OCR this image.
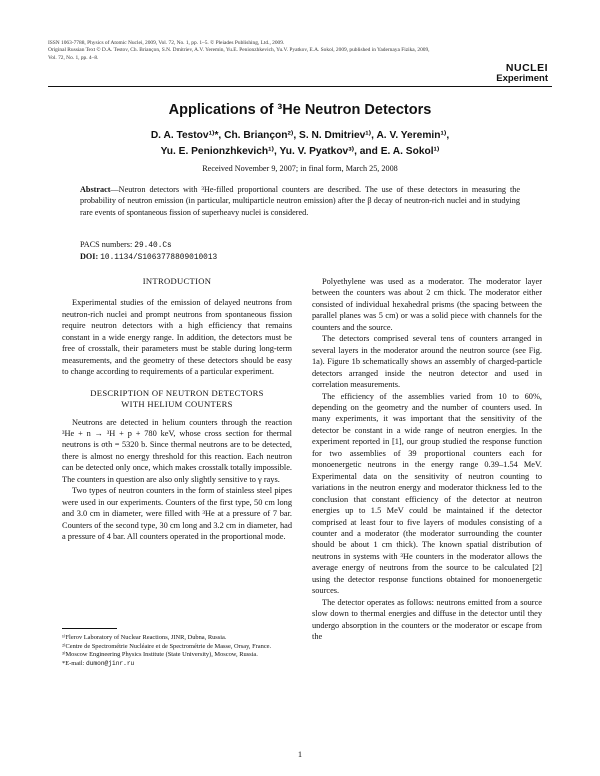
ISSN 1063-7788, Physics of Atomic Nuclei, 2009, Vol. 72, No. 1, pp. 1–5. © Pleiades Publishing, Ltd., 2009.
Original Russian Text © D.A. Testov, Ch. Briançon, S.N. Dmitriev, A.V. Yeremin, Yu.E. Penionzhkevich, Yu.V. Pyatkov, E.A. Sokol, 2009, published in Yadernaya Fizika, 2009,
Vol. 72, No. 1, pp. 4–8.
NUCLEI
Experiment
Applications of ³He Neutron Detectors
D. A. Testov¹⁾*, Ch. Briançon²⁾, S. N. Dmitriev¹⁾, A. V. Yeremin¹⁾,
Yu. E. Penionzhkevich¹⁾, Yu. V. Pyatkov³⁾, and E. A. Sokol¹⁾
Received November 9, 2007; in final form, March 25, 2008
Abstract—Neutron detectors with ³He-filled proportional counters are described. The use of these detectors in measuring the probability of neutron emission (in particular, multiparticle neutron emission) after the β decay of neutron-rich nuclei and in studying rare events of spontaneous fission of superheavy nuclei is considered.
PACS numbers: 29.40.Cs
DOI: 10.1134/S1063778809010013
INTRODUCTION

Experimental studies of the emission of delayed neutrons from neutron-rich nuclei and prompt neutrons from spontaneous fission require neutron detectors with a high efficiency that remains constant in a wide energy range. In addition, the detectors must be free of crosstalk, their parameters must be stable during long-term measurements, and the geometry of these detectors should be easy to change according to requirements of a particular experiment.

DESCRIPTION OF NEUTRON DETECTORS
WITH HELIUM COUNTERS

Neutrons are detected in helium counters through the reaction ³He + n → ³H + p + 780 keV, whose cross section for thermal neutrons is σth = 5320 b. Since thermal neutrons are to be detected, there is almost no energy threshold for this reaction. Each neutron can be detected only once, which makes crosstalk totally impossible. The counters in question are also only slightly sensitive to γ rays.

Two types of neutron counters in the form of stainless steel pipes were used in our experiments. Counters of the first type, 50 cm long and 3.0 cm in diameter, were filled with ³He at a pressure of 7 bar. Counters of the second type, 30 cm long and 3.2 cm in diameter, had a pressure of 4 bar. All counters operated in the proportional mode.

¹⁾Flerov Laboratory of Nuclear Reactions, JINR, Dubna, Russia.
²⁾Centre de Spectrométrie Nucléaire et de Spectrométrie de Masse, Orsay, France.
³⁾Moscow Engineering Physics Institute (State University), Moscow, Russia.
*E-mail: dumon@jinr.ru

Polyethylene was used as a moderator. The moderator layer between the counters was about 2 cm thick. The moderator either consisted of individual hexahedral prisms (the spacing between the parallel planes was 5 cm) or was a solid piece with channels for the counters and the source.

The detectors comprised several tens of counters arranged in several layers in the moderator around the neutron source (see Fig. 1a). Figure 1b schematically shows an assembly of charged-particle detectors arranged inside the neutron detector and used in correlation measurements.

The efficiency of the assemblies varied from 10 to 60%, depending on the geometry and the number of counters used. In many experiments, it was important that the sensitivity of the detector be constant in a wide range of neutron energies. In the experiment reported in [1], our group studied the response function for two assemblies of 39 proportional counters each for monoenergetic neutrons in the energy range 0.39–1.54 MeV. Experimental data on the sensitivity of neutron counting to variations in the neutron energy and moderator thickness led to the conclusion that constant efficiency of the detector at neutron energies up to 1.5 MeV could be maintained if the detector comprised at least four to five layers of modules consisting of a counter and a moderator (the moderator surrounding the counter should be about 1 cm thick). The known spatial distribution of neutrons in systems with ³He counters in the moderator allows the average energy of neutrons from the source to be calculated [2] using the detector response functions obtained for monoenergetic sources.

The detector operates as follows: neutrons emitted from a source slow down to thermal energies and diffuse in the detector until they undergo absorption in the counters or the moderator or escape from the

1
